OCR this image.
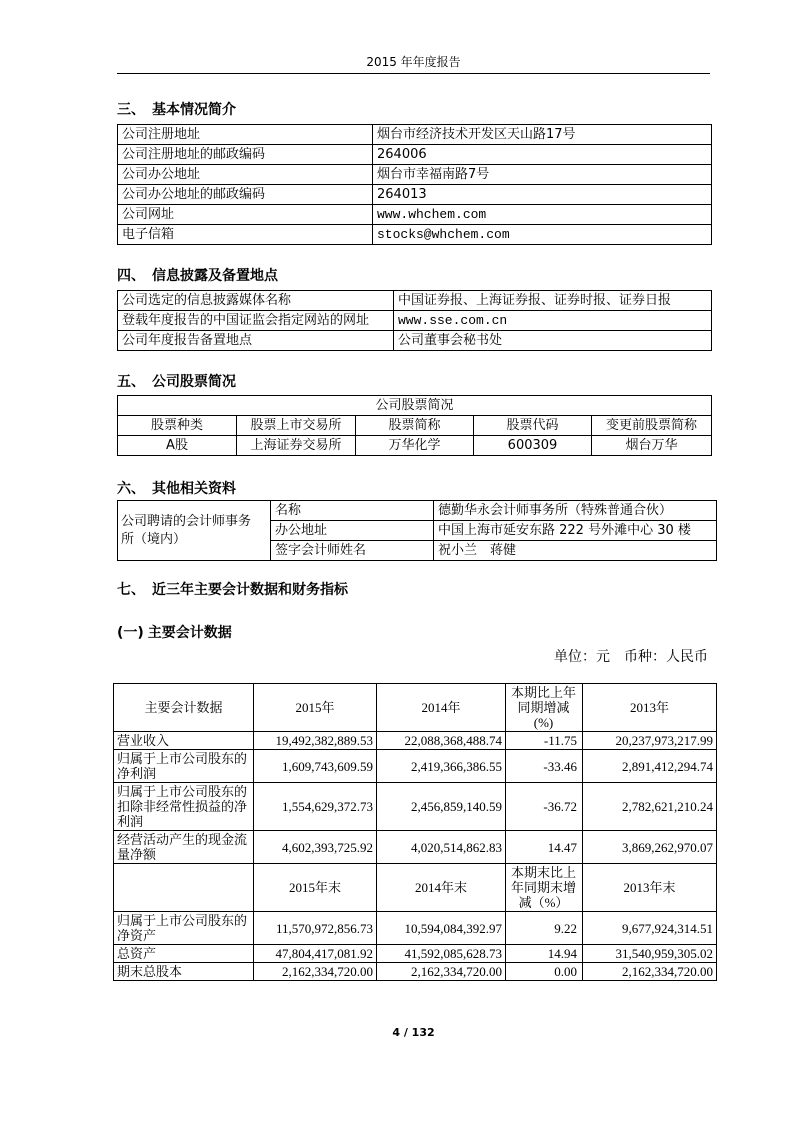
2015 年年度报告
三、 基本情况简介
公司注册地址	烟台市经济技术开发区天山路17号
公司注册地址的邮政编码	264006
公司办公地址	烟台市幸福南路7号
公司办公地址的邮政编码	264013
公司网址	www.whchem.com
电子信箱	stocks@whchem.com
四、 信息披露及备置地点
公司选定的信息披露媒体名称	中国证券报、上海证券报、证券时报、证券日报
登载年度报告的中国证监会指定网站的网址	www.sse.com.cn
公司年度报告备置地点	公司董事会秘书处
五、 公司股票简况
公司股票简况				
股票种类	股票上市交易所	股票简称	股票代码	变更前股票简称
A股	上海证券交易所	万华化学	600309	烟台万华
六、 其他相关资料
公司聘请的会计师事务所（境内）	名称	德勤华永会计师事务所（特殊普通合伙）
	办公地址	中国上海市延安东路 222 号外滩中心 30 楼
	签字会计师姓名	祝小兰　蒋健
七、 近三年主要会计数据和财务指标
(一) 主要会计数据
单位：元　币种：人民币
主要会计数据	2015年	2014年	本期比上年同期增减(%)	2013年
营业收入	19,492,382,889.53	22,088,368,488.74	-11.75	20,237,973,217.99
归属于上市公司股东的净利润	1,609,743,609.59	2,419,366,386.55	-33.46	2,891,412,294.74
归属于上市公司股东的扣除非经常性损益的净利润	1,554,629,372.73	2,456,859,140.59	-36.72	2,782,621,210.24
经营活动产生的现金流量净额	4,602,393,725.92	4,020,514,862.83	14.47	3,869,262,970.07
	2015年末	2014年末	本期末比上年同期末增减（%）	2013年末
归属于上市公司股东的净资产	11,570,972,856.73	10,594,084,392.97	9.22	9,677,924,314.51
总资产	47,804,417,081.92	41,592,085,628.73	14.94	31,540,959,305.02
期末总股本	2,162,334,720.00	2,162,334,720.00	0.00	2,162,334,720.00
4 / 132
